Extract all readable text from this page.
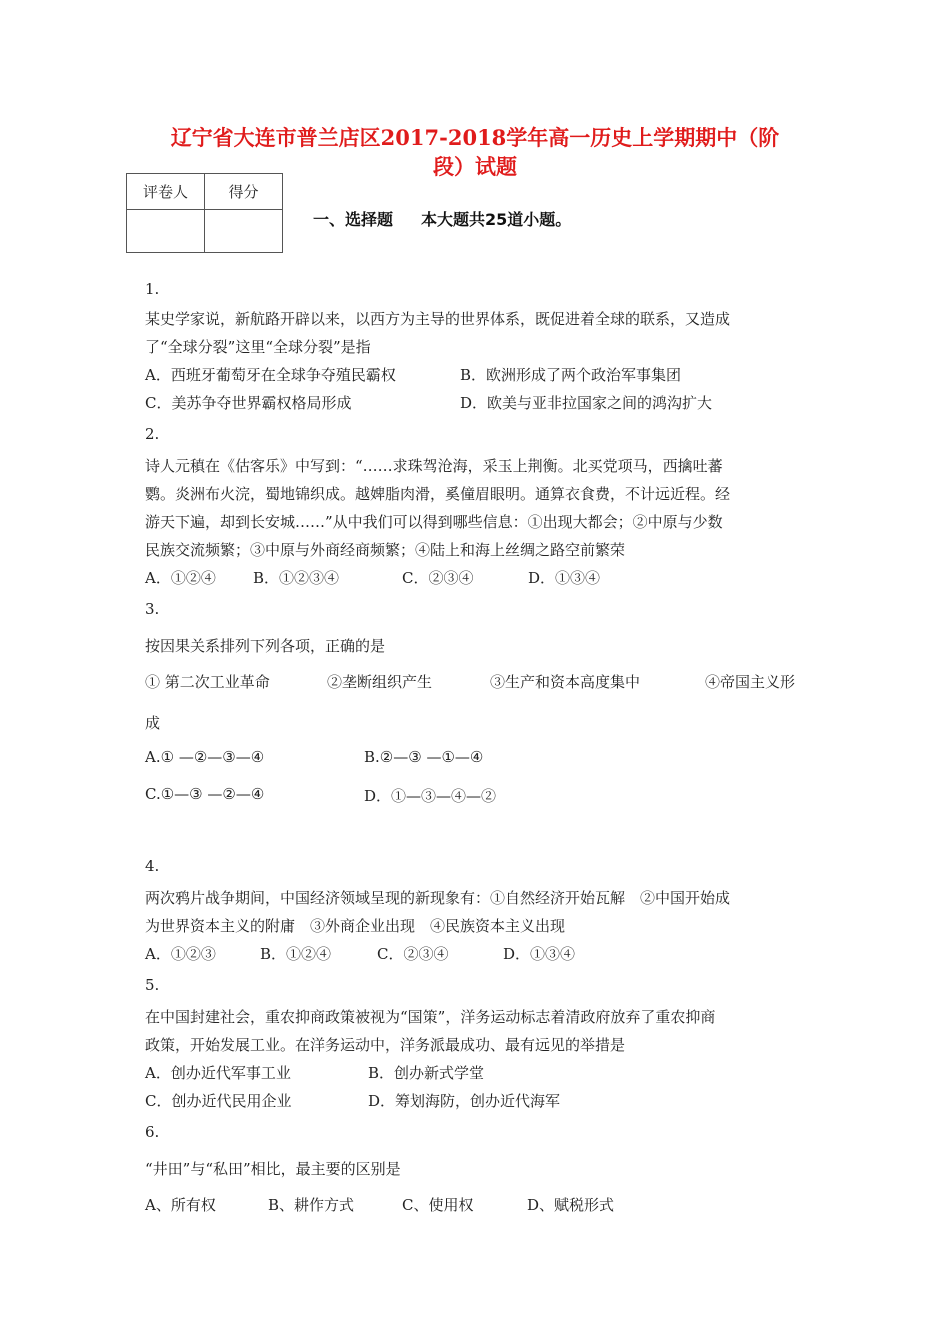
辽宁省大连市普兰店区2017-2018学年高一历史上学期期中（阶
段）试题
评卷人	得分

一、选择题 本大题共25道小题。
1.
某史学家说，新航路开辟以来，以西方为主导的世界体系，既促进着全球的联系，又造成
了“全球分裂”这里“全球分裂”是指
A．西班牙葡萄牙在全球争夺殖民霸权	B．欧洲形成了两个政治军事集团
C．美苏争夺世界霸权格局形成	D．欧美与亚非拉国家之间的鸿沟扩大
2.
诗人元稹在《估客乐》中写到：“……求珠驾沧海，采玉上荆衡。北买党项马，西擒吐蕃
鹦。炎洲布火浣，蜀地锦织成。越婢脂肉滑，奚僮眉眼明。通算衣食费，不计远近程。经
游天下遍，却到长安城……”从中我们可以得到哪些信息：①出现大都会；②中原与少数
民族交流频繁；③中原与外商经商频繁；④陆上和海上丝绸之路空前繁荣
A．①②④ B．①②③④	C．②③④	D．①③④
3.
按因果关系排列下列各项，正确的是
① 第二次工业革命	②垄断组织产生	③生产和资本高度集中	④帝国主义形
成
A.① —②—③—④	B.②—③ —①—④
C.①—③ —②—④	D．①—③—④—②
4.
两次鸦片战争期间，中国经济领域呈现的新现象有：①自然经济开始瓦解　②中国开始成
为世界资本主义的附庸　③外商企业出现　④民族资本主义出现
A．①②③	B．①②④	C．②③④	D．①③④
5.
在中国封建社会，重农抑商政策被视为“国策”，洋务运动标志着清政府放弃了重农抑商
政策，开始发展工业。在洋务运动中，洋务派最成功、最有远见的举措是
A．创办近代军事工业	B．创办新式学堂
C．创办近代民用企业	D．筹划海防，创办近代海军
6.
“井田”与“私田”相比，最主要的区别是
A、所有权	B、耕作方式	C、使用权	D、赋税形式
